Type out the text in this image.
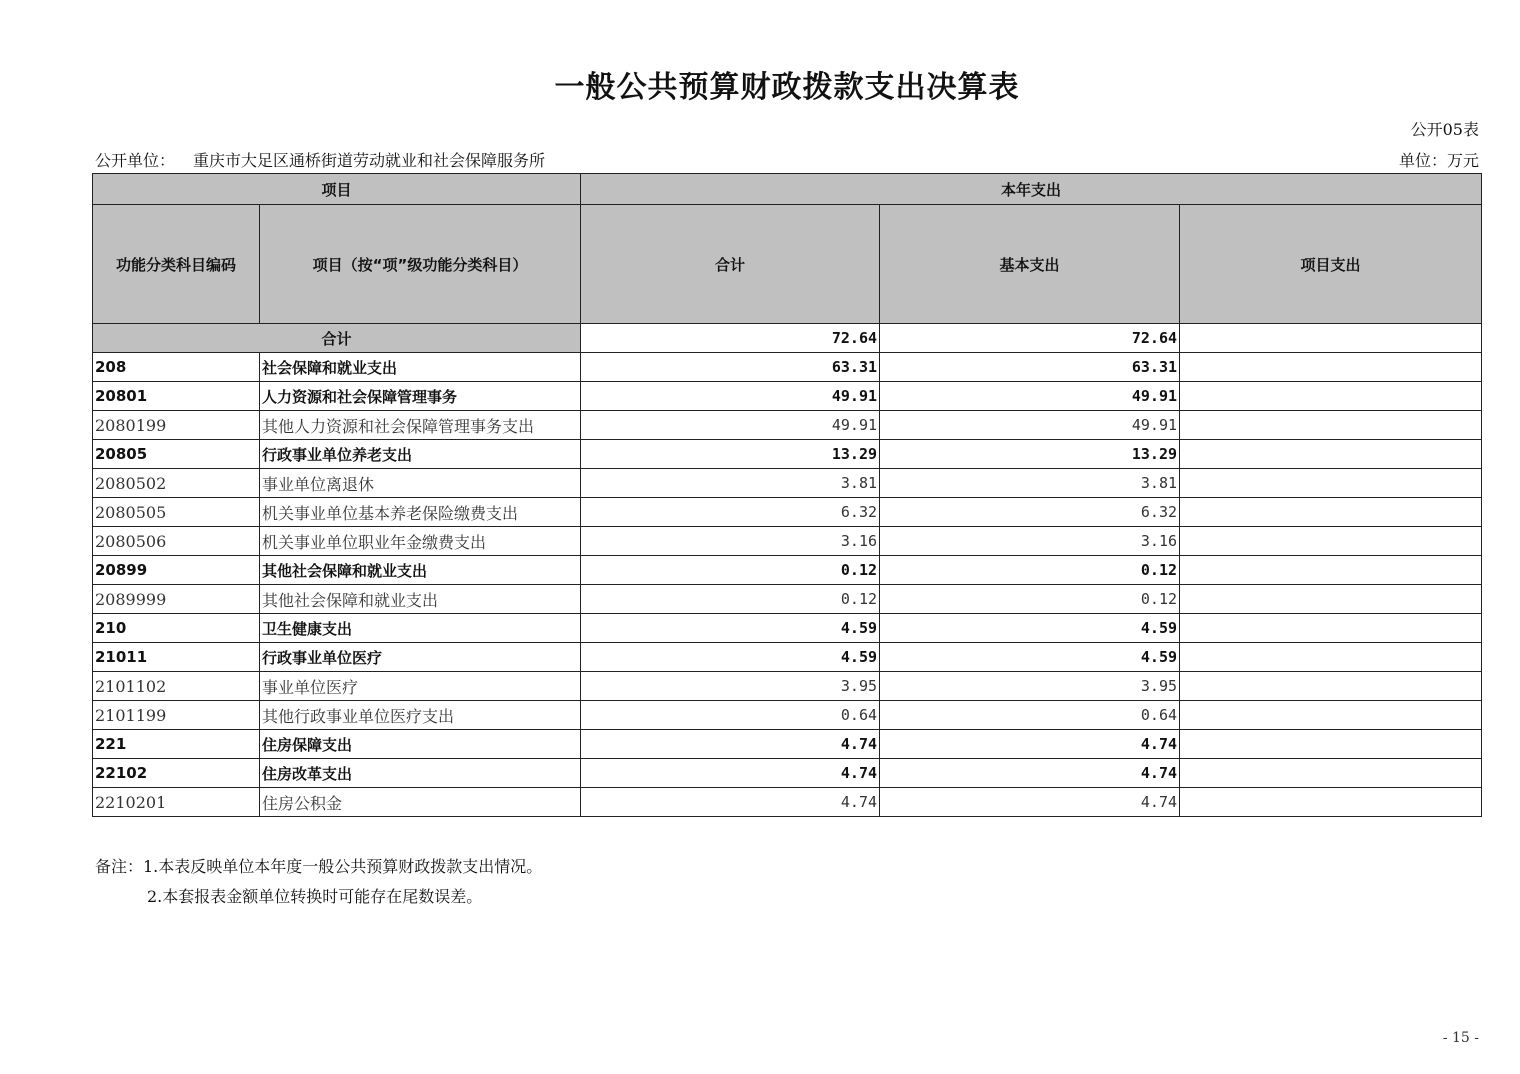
一般公共预算财政拨款支出决算表
公开05表
公开单位： 重庆市大足区通桥街道劳动就业和社会保障服务所	单位：万元
项目		本年支出		
功能分类科目编码	项目（按“项”级功能分类科目）	合计	基本支出	项目支出
合计		72.64	72.64	
208	社会保障和就业支出	63.31	63.31	
20801	人力资源和社会保障管理事务	49.91	49.91	
2080199	其他人力资源和社会保障管理事务支出	49.91	49.91	
20805	行政事业单位养老支出	13.29	13.29	
2080502	事业单位离退休	3.81	3.81	
2080505	机关事业单位基本养老保险缴费支出	6.32	6.32	
2080506	机关事业单位职业年金缴费支出	3.16	3.16	
20899	其他社会保障和就业支出	0.12	0.12	
2089999	其他社会保障和就业支出	0.12	0.12	
210	卫生健康支出	4.59	4.59	
21011	行政事业单位医疗	4.59	4.59	
2101102	事业单位医疗	3.95	3.95	
2101199	其他行政事业单位医疗支出	0.64	0.64	
221	住房保障支出	4.74	4.74	
22102	住房改革支出	4.74	4.74	
2210201	住房公积金	4.74	4.74	
备注：1.本表反映单位本年度一般公共预算财政拨款支出情况。
2.本套报表金额单位转换时可能存在尾数误差。
- 15 -
